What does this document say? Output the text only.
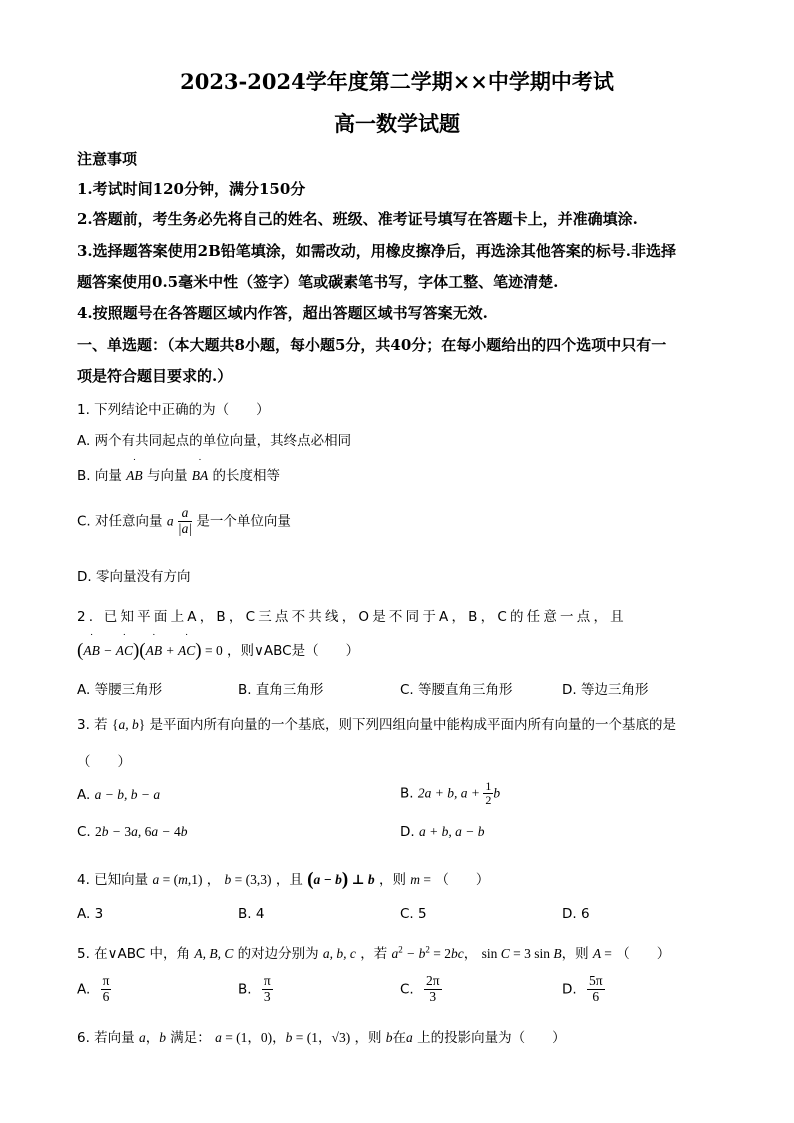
2023-2024学年度第二学期××中学期中考试
高一数学试题
注意事项
1.考试时间120分钟，满分150分
2.答题前，考生务必先将自己的姓名、班级、准考证号填写在答题卡上，并准确填涂.
3.选择题答案使用2B铅笔填涂，如需改动，用橡皮擦净后，再选涂其他答案的标号.非选择
题答案使用0.5毫米中性（签字）笔或碳素笔书写，字体工整、笔迹清楚.
4.按照题号在各答题区域内作答，超出答题区域书写答案无效.
一、单选题：（本大题共8小题，每小题5分，共40分；在每小题给出的四个选项中只有一
项是符合题目要求的.）
1. 下列结论中正确的为（　　）
A. 两个有共同起点的单位向量，其终点必相同
B. 向量 ˙ AB 与向量 ˙ BA 的长度相等
C. 对任意向量 a $\frac{a}{|a|}$ 是一个单位向量
D. 零向量没有方向
2. 已知平面上A，B，C三点不共线，O是不同于A，B，C的任意一点，且
(˙ AB − ˙ AC)(˙ AB + ˙ AC) = 0 ，则∨ABC是（　　）
A. 等腰三角形	B. 直角三角形	C. 等腰直角三角形	D. 等边三角形
3. 若 {a, b} 是平面内所有向量的一个基底，则下列四组向量中能构成平面内所有向量的一个基底的是
（　　）
A. a − b, b − a	B. 2a + b, $a + \frac{1}{2}$ b
C. 2b − 3a, 6a − 4b	D. a + b, a − b
4. 已知向量 a = (m,1) ， b = (3,3) ，且 (a − b) ⊥ b ，则 m = （　　）
A. 3	B. 4	C. 5	D. 6
5. 在∨ABC 中，角 A, B, C 的对边分别为 a, b, c ，若 $a^2 - b^2 = 2bc$， sin C = 3 sin B，则 A = （　　）
A. $\frac{\pi}{6}$	B. $\frac{\pi}{3}$	C. $\frac{2\pi}{3}$	D. $\frac{5\pi}{6}$
6. 若向量 a，b 满足： a = (1，0)，b = (1，√3) ，则 b在a 上的投影向量为（　　）
